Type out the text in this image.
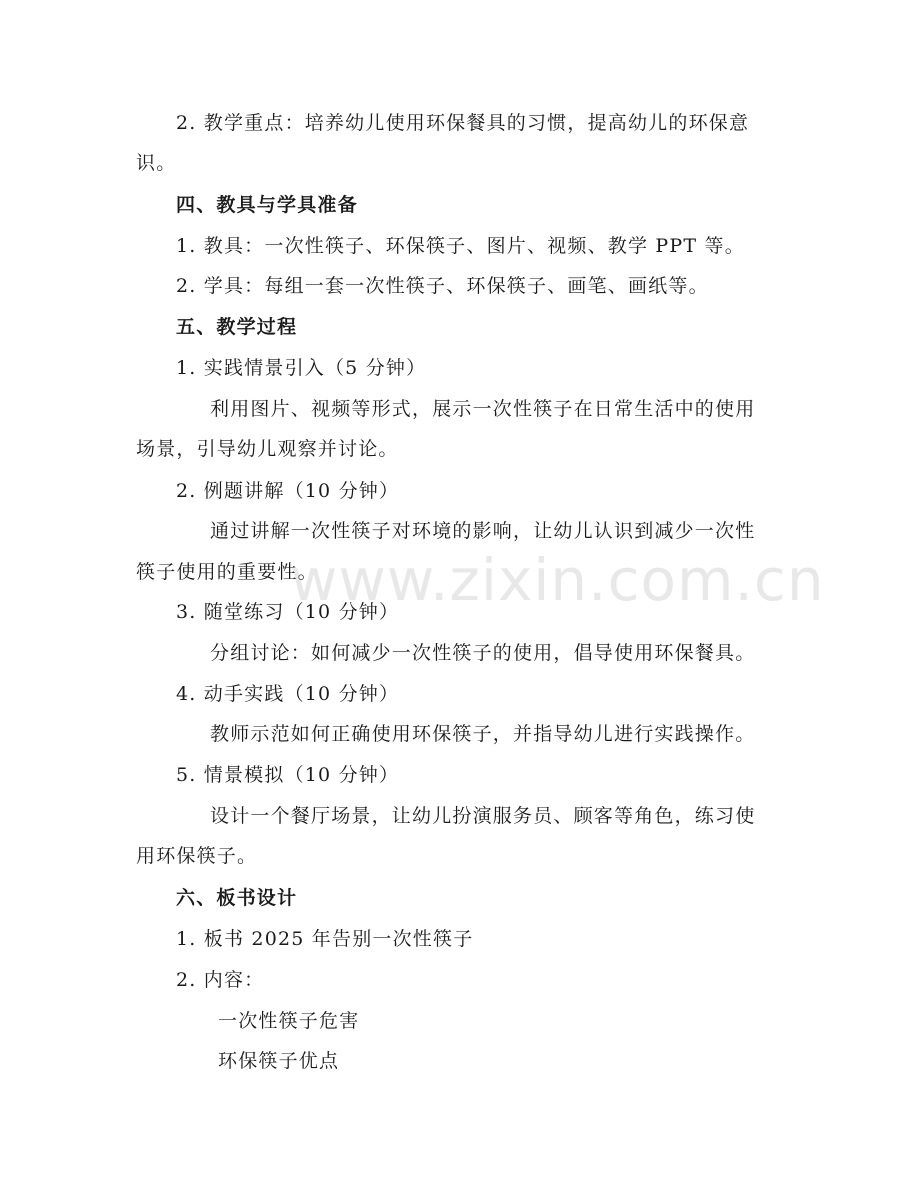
2. 教学重点：培养幼儿使用环保餐具的习惯，提高幼儿的环保意
识。
四、教具与学具准备
1. 教具：一次性筷子、环保筷子、图片、视频、教学 PPT 等。
2. 学具：每组一套一次性筷子、环保筷子、画笔、画纸等。
五、教学过程
1. 实践情景引入（5 分钟）
利用图片、视频等形式，展示一次性筷子在日常生活中的使用
场景，引导幼儿观察并讨论。
2. 例题讲解（10 分钟）
通过讲解一次性筷子对环境的影响，让幼儿认识到减少一次性
筷子使用的重要性。
3. 随堂练习（10 分钟）
分组讨论：如何减少一次性筷子的使用，倡导使用环保餐具。
4. 动手实践（10 分钟）
教师示范如何正确使用环保筷子，并指导幼儿进行实践操作。
5. 情景模拟（10 分钟）
设计一个餐厅场景，让幼儿扮演服务员、顾客等角色，练习使
用环保筷子。
六、板书设计
1. 板书 2025 年告别一次性筷子
2. 内容：
一次性筷子危害
环保筷子优点
www.zixin.com.cn
